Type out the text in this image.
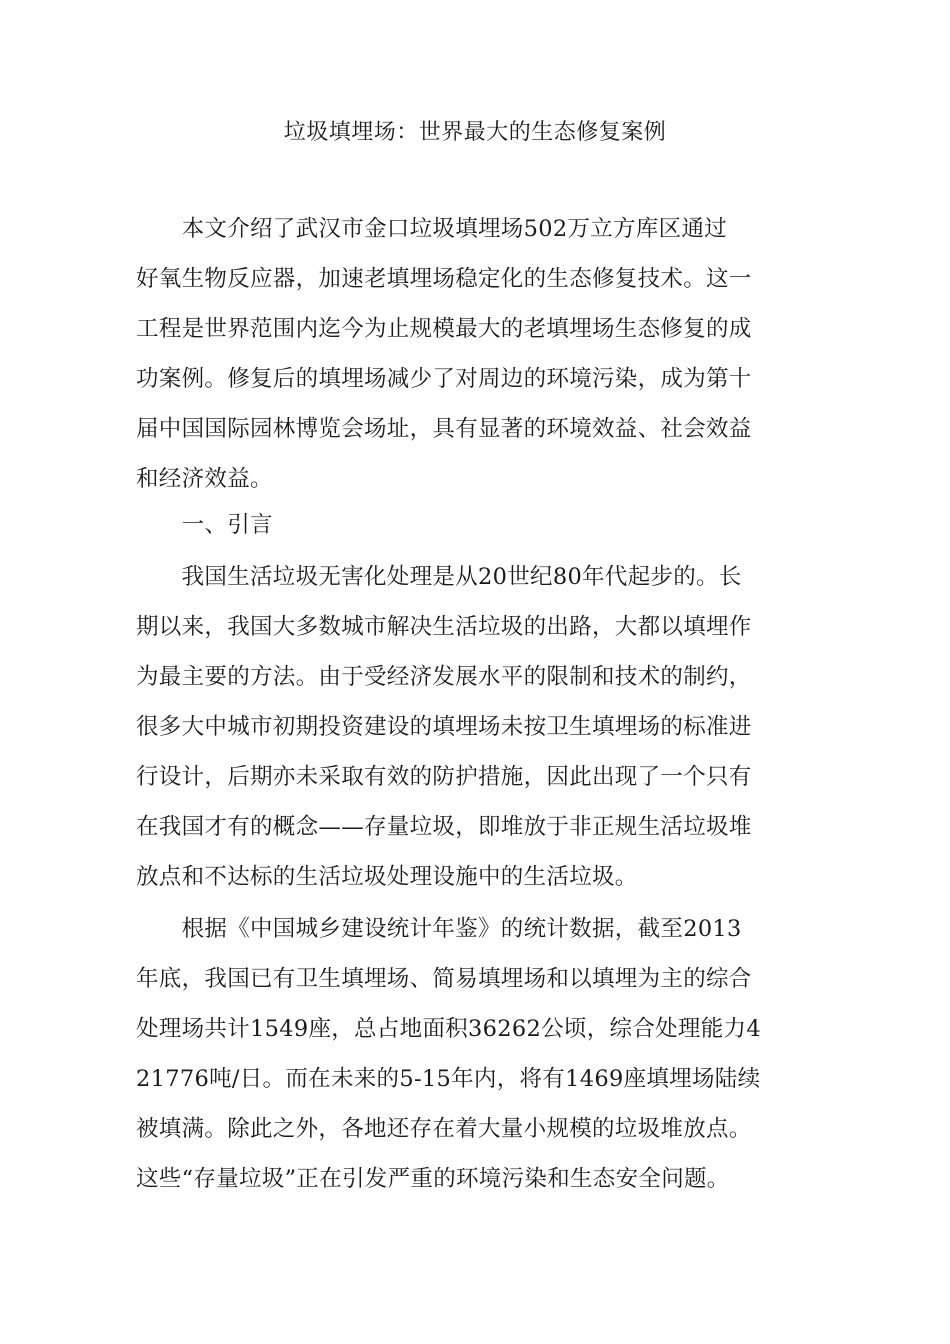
垃圾填埋场：世界最大的生态修复案例
　　本文介绍了武汉市金口垃圾填埋场502万立方库区通过
好氧生物反应器，加速老填埋场稳定化的生态修复技术。这一
工程是世界范围内迄今为止规模最大的老填埋场生态修复的成
功案例。修复后的填埋场减少了对周边的环境污染，成为第十
届中国国际园林博览会场址，具有显著的环境效益、社会效益
和经济效益。
　　一、引言
　　我国生活垃圾无害化处理是从20世纪80年代起步的。长
期以来，我国大多数城市解决生活垃圾的出路，大都以填埋作
为最主要的方法。由于受经济发展水平的限制和技术的制约，
很多大中城市初期投资建设的填埋场未按卫生填埋场的标准进
行设计，后期亦未采取有效的防护措施，因此出现了一个只有
在我国才有的概念——存量垃圾，即堆放于非正规生活垃圾堆
放点和不达标的生活垃圾处理设施中的生活垃圾。
　　根据《中国城乡建设统计年鉴》的统计数据，截至2013
年底，我国已有卫生填埋场、简易填埋场和以填埋为主的综合
处理场共计1549座，总占地面积36262公顷，综合处理能力4
21776吨/日。而在未来的5-15年内，将有1469座填埋场陆续
被填满。除此之外，各地还存在着大量小规模的垃圾堆放点。
这些“存量垃圾”正在引发严重的环境污染和生态安全问题。
